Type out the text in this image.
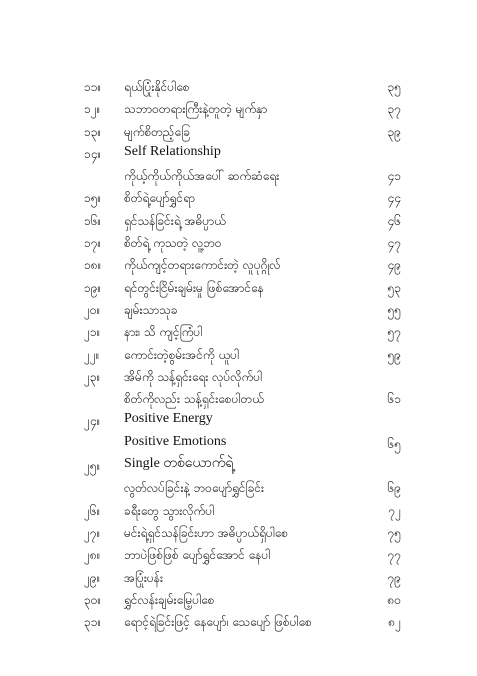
၁၁။ ရယ်ပြုံးနိုင်ပါစေ	၃၅
၁၂။ သဘာဝတရားကြီးနဲ့တူတဲ့ မျက်နှာ	၃၇
၁၃။ မျက်စိတည့်ခြေ	၃၉
၁၄။ Self Relationship
ကိုယ့်ကိုယ်ကိုယ်အပေါ် ဆက်ဆံရေး	၄၁
၁၅။ စိတ်ရဲ့ပျော်ရွှင်ရာ	၄၄
၁၆။ ရှင်သန်ခြင်းရဲ့ အဓိပ္ပာယ်	၄၆
၁၇။ စိတ်ရဲ့ ကုသတဲ့ လူ့ဘဝ	၄၇
၁၈။ ကိုယ်ကျင့်တရားကောင်းတဲ့ လူပုဂ္ဂိုလ်	၄၉
၁၉။ ရင်တွင်းငြိမ်းချမ်းမှု ဖြစ်အောင်နေ	၅၃
၂၀။ ချမ်းသာသုခ	၅၅
၂၁။ နား၊ သိ ကျင့်ကြံပါ	၅၇
၂၂။ ကောင်းတဲ့စွမ်းအင်ကို ယူပါ	၅၉
၂၃။ အိမ်ကို သန့်ရှင်းရေး လုပ်လိုက်ပါ
စိတ်ကိုလည်း သန့်ရှင်းစေပါတယ်	၆၁
၂၄။ Positive Energy
Positive Emotions	၆၅
၂၅။ Single တစ်ယောက်ရဲ့
လွတ်လပ်ခြင်းနဲ့ ဘဝပျော်ရွှင်ခြင်း	၆၉
၂၆။ ခရီးတွေ သွားလိုက်ပါ	၇၂
၂၇။ မင်းရဲ့ရှင်သန်ခြင်းဟာ အဓိပ္ပာယ်ရှိပါစေ	၇၅
၂၈။ ဘာပဲဖြစ်ဖြစ် ပျော်ရွှင်အောင် နေပါ	၇၇
၂၉။ အပြုံးပန်း	၇၉
၃၀။ ရွှင်လန်းချမ်းမြေ့ပါစေ	၈၀
၃၁။ ရောင့်ရဲခြင်းဖြင့် နေပျော်၊ သေပျော် ဖြစ်ပါစေ	၈၂
